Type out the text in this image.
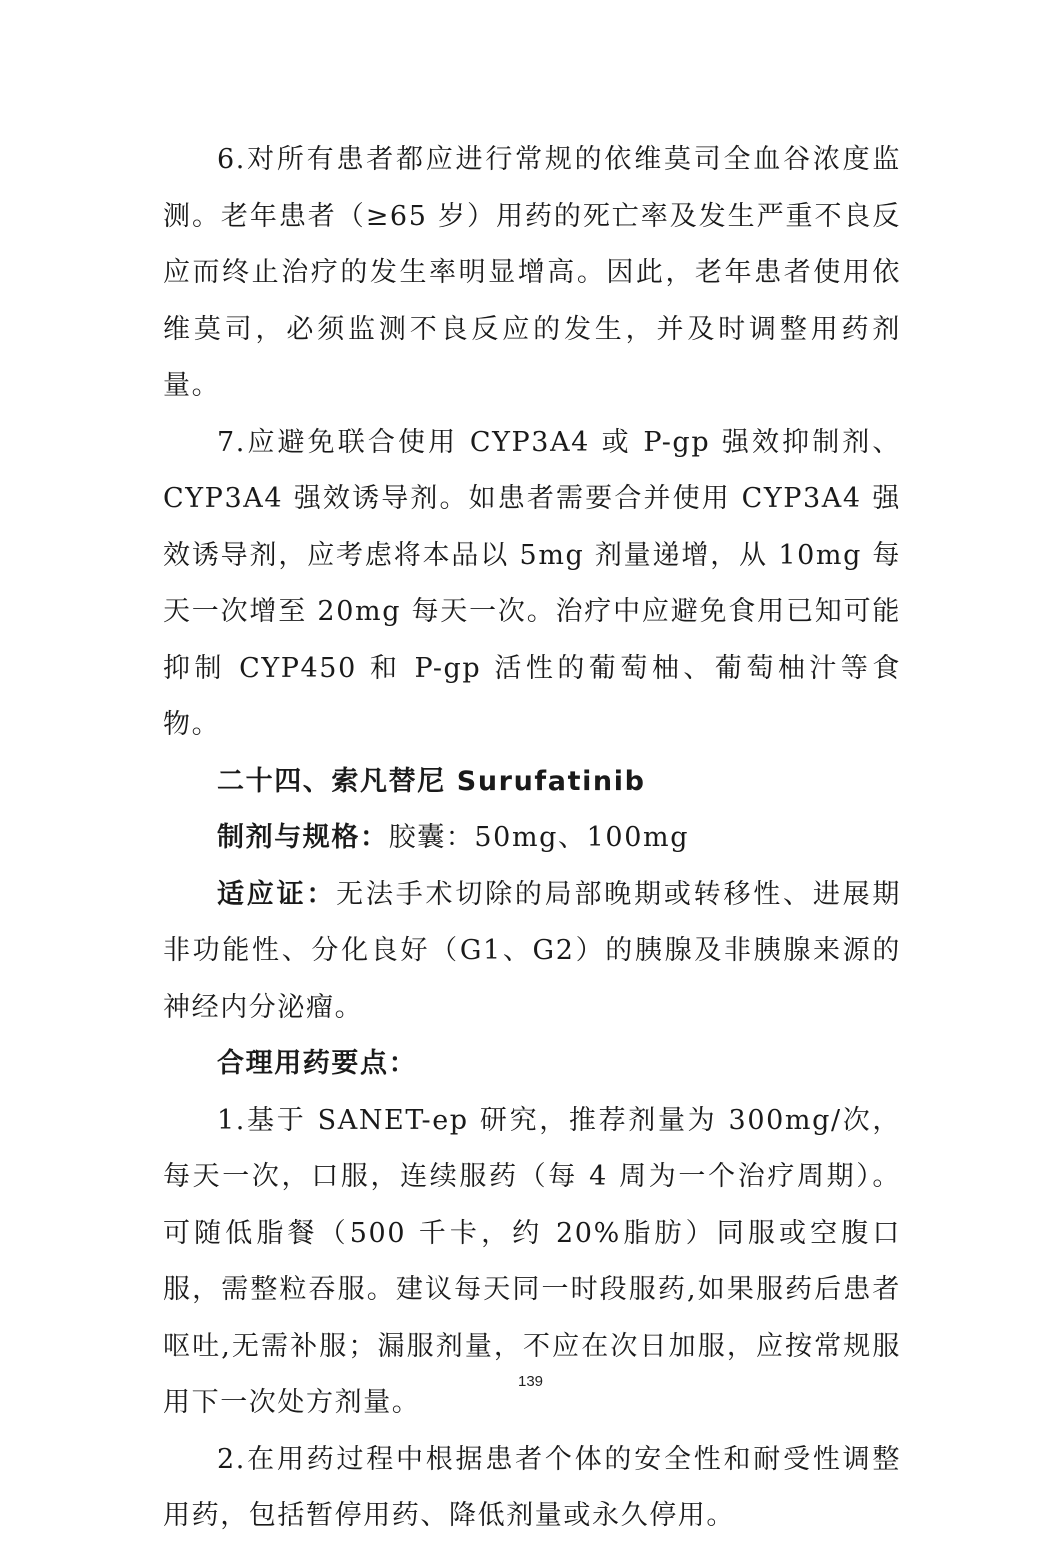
6.对所有患者都应进行常规的依维莫司全血谷浓度监测。老年患者（≥65 岁）用药的死亡率及发生严重不良反应而终止治疗的发生率明显增高。因此，老年患者使用依维莫司，必须监测不良反应的发生，并及时调整用药剂量。

7.应避免联合使用 CYP3A4 或 P-gp 强效抑制剂、CYP3A4 强效诱导剂。如患者需要合并使用 CYP3A4 强效诱导剂，应考虑将本品以 5mg 剂量递增，从 10mg 每天一次增至 20mg 每天一次。治疗中应避免食用已知可能抑制 CYP450 和 P-gp 活性的葡萄柚、葡萄柚汁等食物。

二十四、索凡替尼 Surufatinib

制剂与规格：胶囊：50mg、100mg

适应证：无法手术切除的局部晚期或转移性、进展期非功能性、分化良好（G1、G2）的胰腺及非胰腺来源的神经内分泌瘤。

合理用药要点：

1.基于 SANET-ep 研究，推荐剂量为 300mg/次，每天一次，口服，连续服药（每 4 周为一个治疗周期）。可随低脂餐（500 千卡，约 20%脂肪）同服或空腹口服，需整粒吞服。建议每天同一时段服药,如果服药后患者呕吐,无需补服；漏服剂量，不应在次日加服，应按常规服用下一次处方剂量。

2.在用药过程中根据患者个体的安全性和耐受性调整用药，包括暂停用药、降低剂量或永久停用。

139
